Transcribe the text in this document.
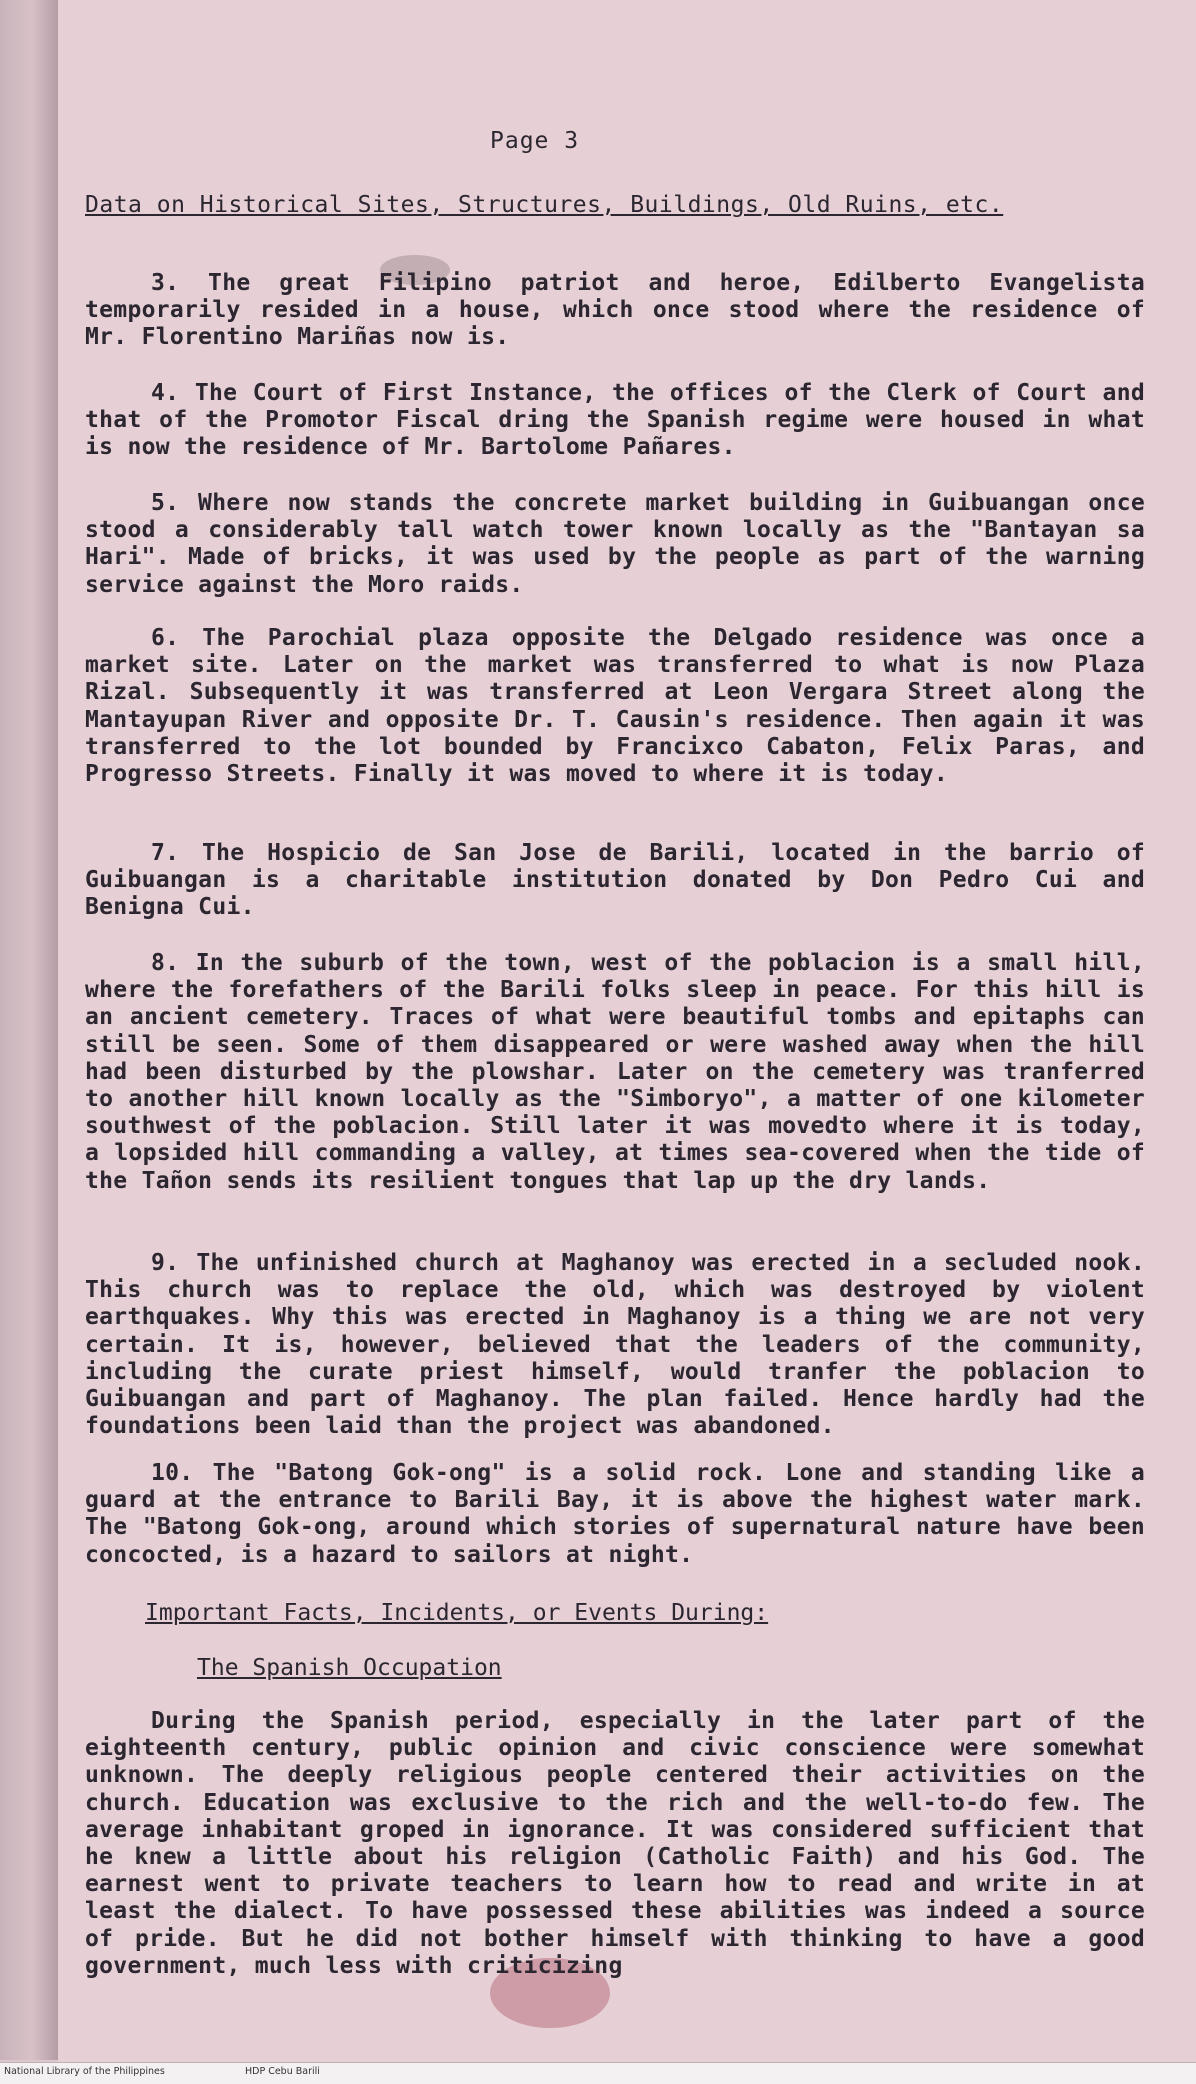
Page 3
Data on Historical Sites, Structures, Buildings, Old Ruins, etc.

3. The great Filipino patriot and heroe, Edilberto Evangelista temporarily resided in a house, which once stood where the residence of Mr. Florentino Mariñas now is.

4. The Court of First Instance, the offices of the Clerk of Court and that of the Promotor Fiscal dring the Spanish regime were housed in what is now the residence of Mr. Bartolome Pañares.

5. Where now stands the concrete market building in Guibuangan once stood a considerably tall watch tower known locally as the "Bantayan sa Hari". Made of bricks, it was used by the people as part of the warning service against the Moro raids.

6. The Parochial plaza opposite the Delgado residence was once a market site. Later on the market was transferred to what is now Plaza Rizal. Subsequently it was transferred at Leon Vergara Street along the Mantayupan River and opposite Dr. T. Causin's residence. Then again it was transferred to the lot bounded by Francixco Cabaton, Felix Paras, and Progresso Streets. Finally it was moved to where it is today.

7. The Hospicio de San Jose de Barili, located in the barrio of Guibuangan is a charitable institution donated by Don Pedro Cui and Benigna Cui.

8. In the suburb of the town, west of the poblacion is a small hill, where the forefathers of the Barili folks sleep in peace. For this hill is an ancient cemetery. Traces of what were beautiful tombs and epitaphs can still be seen. Some of them disappeared or were washed away when the hill had been disturbed by the plowshar. Later on the cemetery was tranferred to another hill known locally as the "Simboryo", a matter of one kilometer southwest of the poblacion. Still later it was movedto where it is today, a lopsided hill commanding a valley, at times sea-covered when the tide of the Tañon sends its resilient tongues that lap up the dry lands.

9. The unfinished church at Maghanoy was erected in a secluded nook. This church was to replace the old, which was destroyed by violent earthquakes. Why this was erected in Maghanoy is a thing we are not very certain. It is, however, believed that the leaders of the community, including the curate priest himself, would tranfer the poblacion to Guibuangan and part of Maghanoy. The plan failed. Hence hardly had the foundations been laid than the project was abandoned.

10. The "Batong Gok-ong" is a solid rock. Lone and standing like a guard at the entrance to Barili Bay, it is above the highest water mark. The "Batong Gok-ong, around which stories of supernatural nature have been concocted, is a hazard to sailors at night.

Important Facts, Incidents, or Events During:
The Spanish Occupation

During the Spanish period, especially in the later part of the eighteenth century, public opinion and civic conscience were somewhat unknown. The deeply religious people centered their activities on the church. Education was exclusive to the rich and the well-to-do few. The average inhabitant groped in ignorance. It was considered sufficient that he knew a little about his religion (Catholic Faith) and his God. The earnest went to private teachers to learn how to read and write in at least the dialect. To have possessed these abilities was indeed a source of pride. But he did not bother himself with thinking to have a good government, much less with criticizing

National Library of the Philippines	HDP Cebu Barili
